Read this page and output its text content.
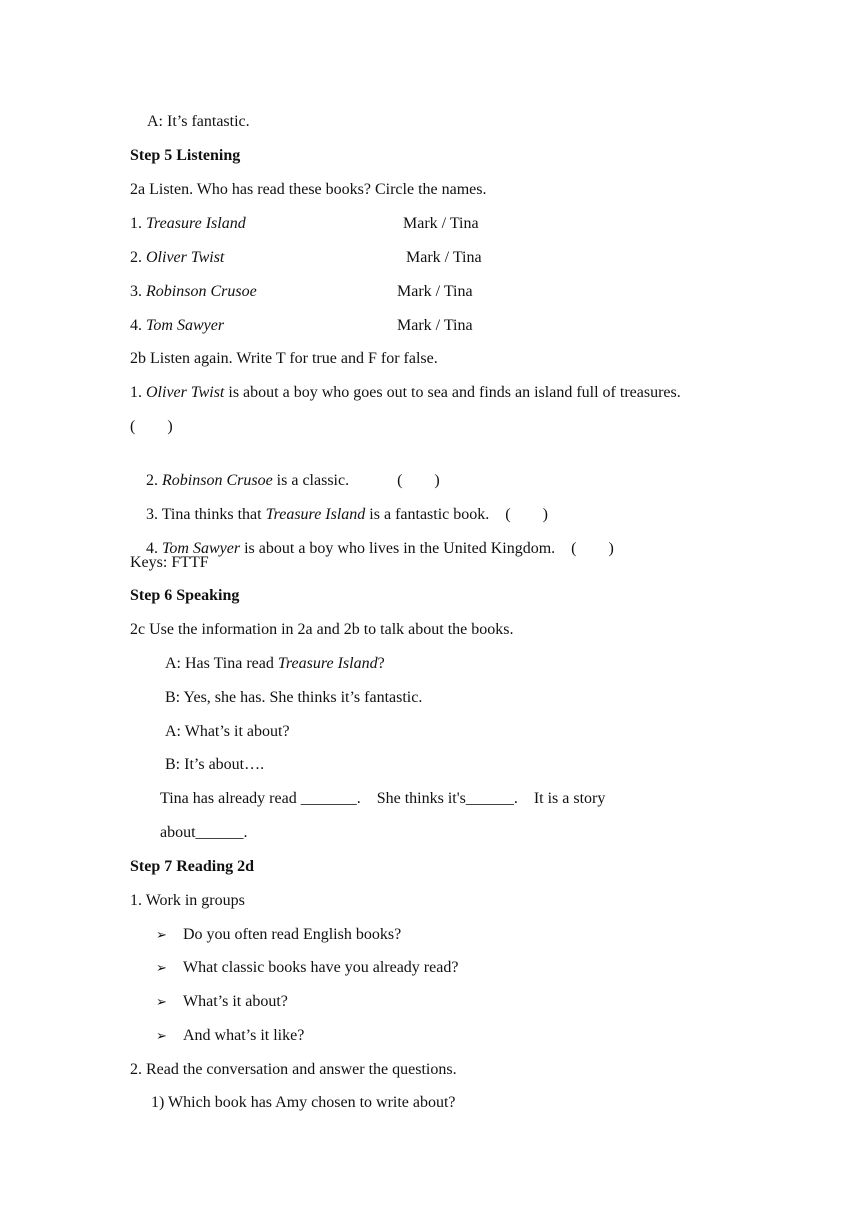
A: It’s fantastic.
Step 5 Listening
2a Listen. Who has read these books? Circle the names.
1. Treasure Island	Mark / Tina
2. Oliver Twist	Mark / Tina
3. Robinson Crusoe	Mark / Tina
4. Tom Sawyer	Mark / Tina
2b Listen again. Write T for true and F for false.
1. Oliver Twist is about a boy who goes out to sea and finds an island full of treasures.
(        )

2. Robinson Crusoe is a classic.            (        )

3. Tina thinks that Treasure Island is a fantastic book.    (        )

4. Tom Sawyer is about a boy who lives in the United Kingdom.    (        )

Keys: FTTF
Step 6 Speaking
2c Use the information in 2a and 2b to talk about the books.
A: Has Tina read Treasure Island?
B: Yes, she has. She thinks it’s fantastic.
A: What’s it about?
B: It’s about….
Tina has already read _______.    She thinks it's______.    It is a story
about______.
Step 7 Reading 2d
1. Work in groups
➢ Do you often read English books?
➢ What classic books have you already read?
➢ What’s it about?
➢ And what’s it like?
2. Read the conversation and answer the questions.
1) Which book has Amy chosen to write about?
